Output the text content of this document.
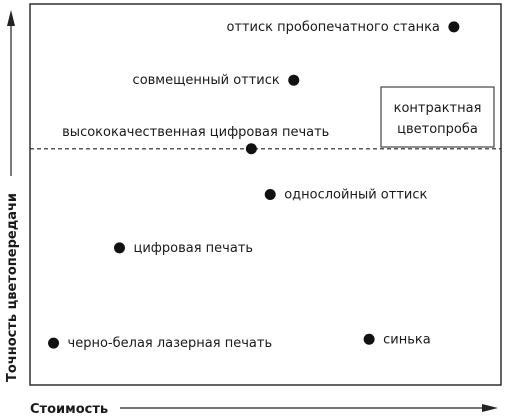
Точность цветопередачи
Стоимость
контрактная
цветопроба
оттиск пробопечатного станка
совмещенный оттиск
высококачественная цифровая печать
однослойный оттиск
цифровая печать
черно-белая лазерная печать	синька
